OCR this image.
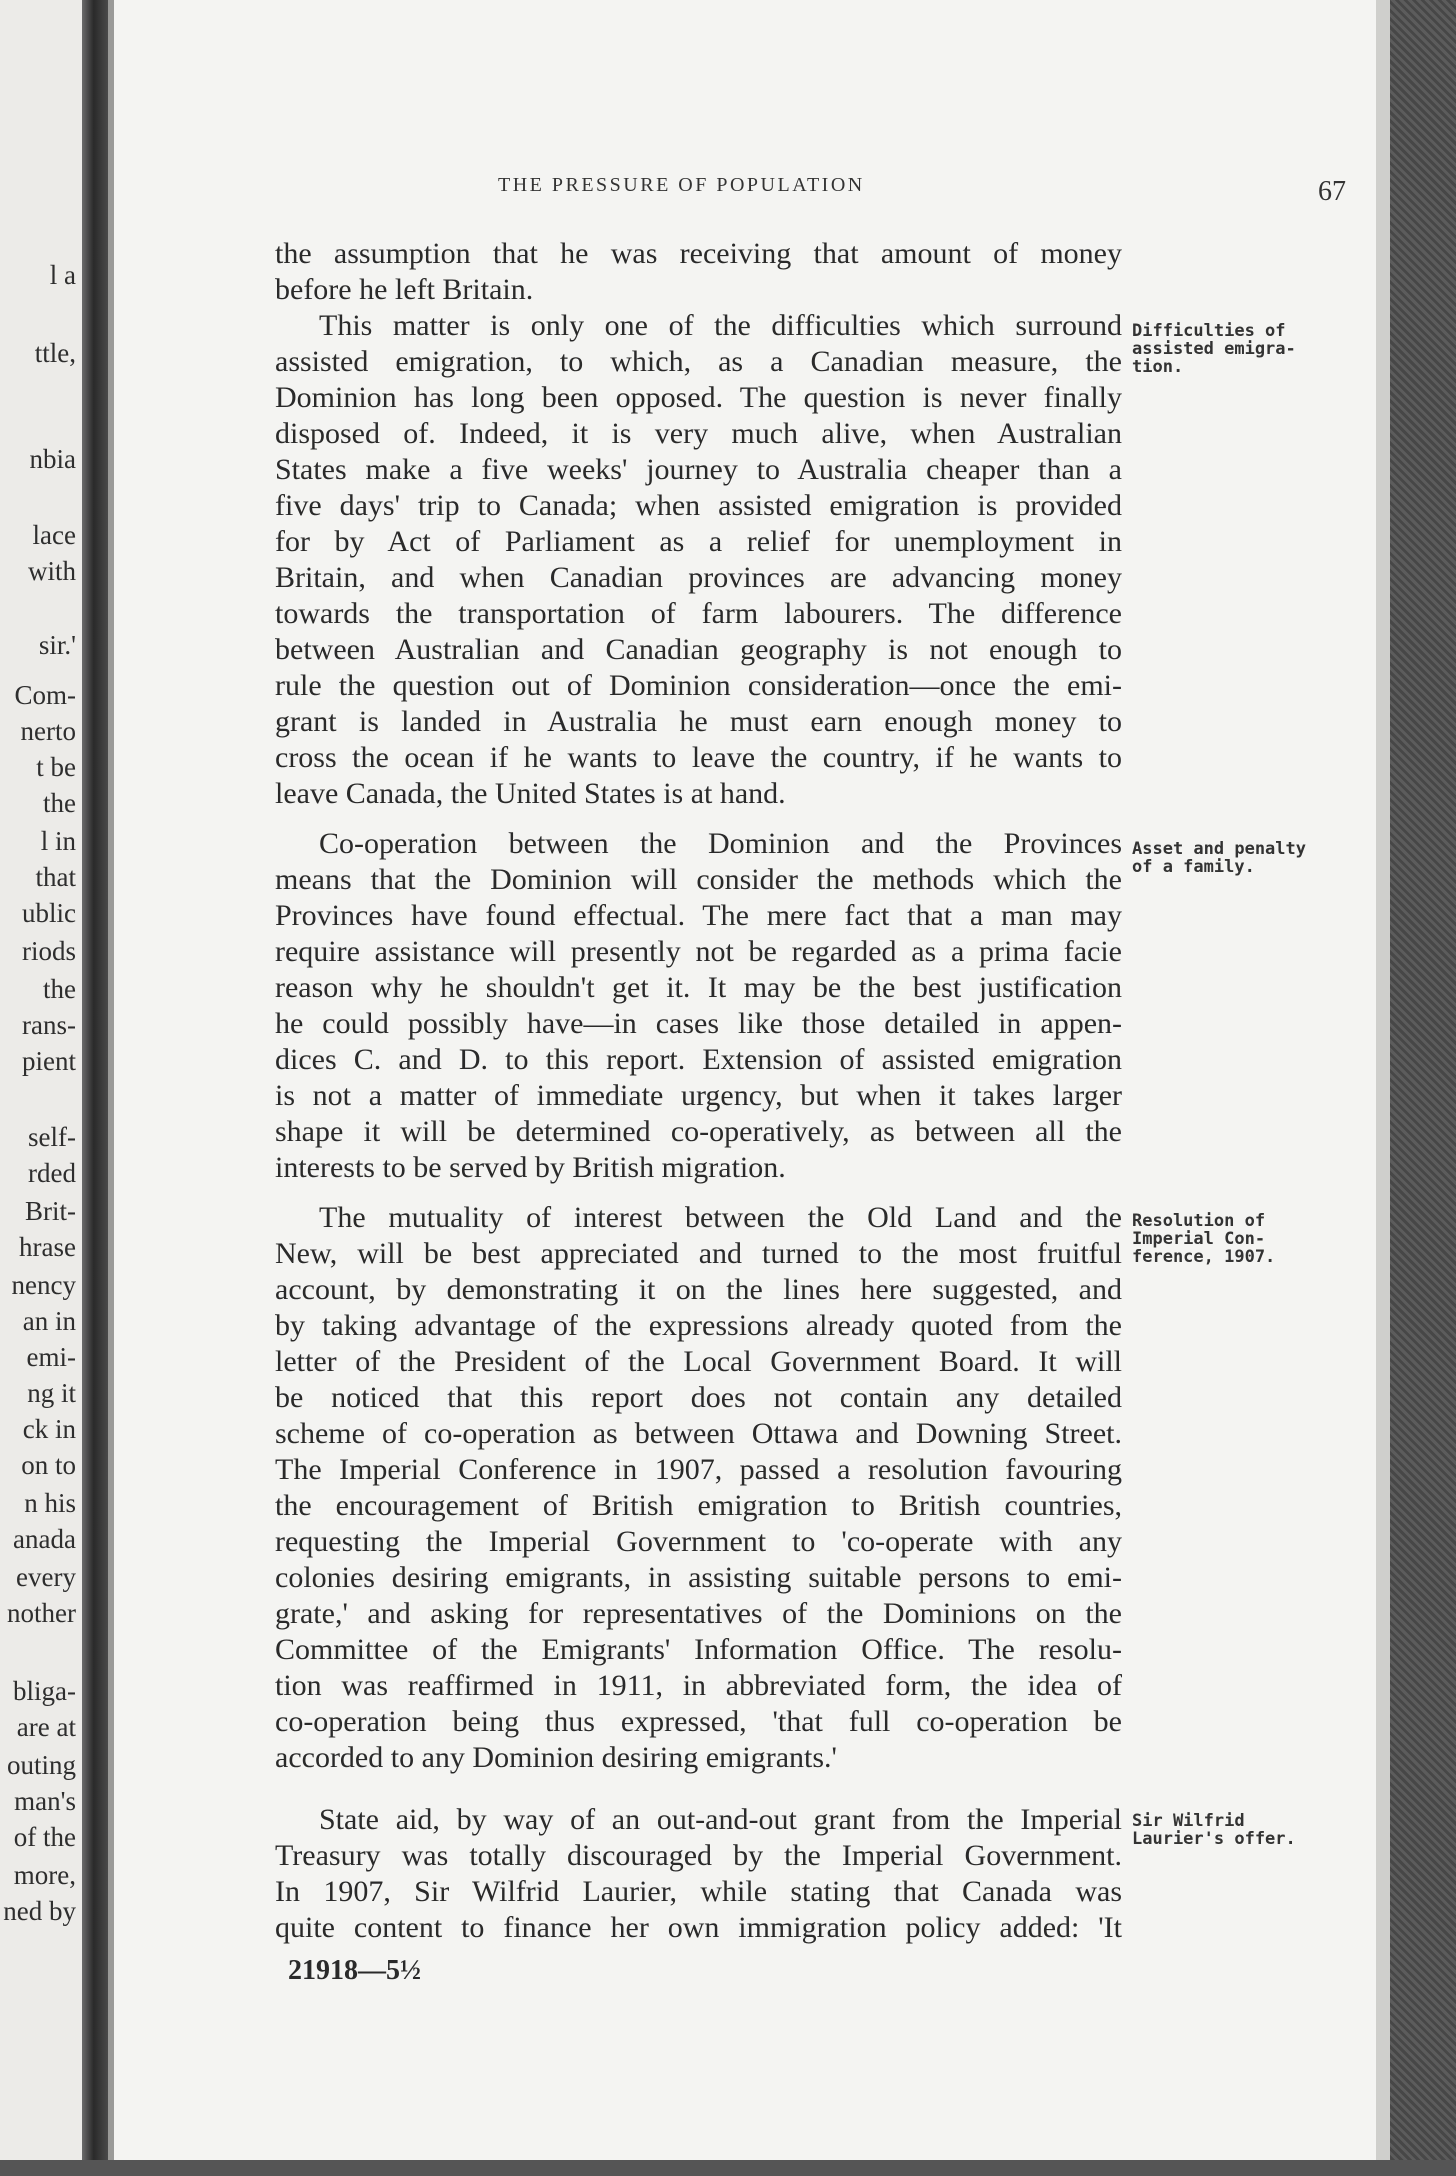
l a
ttle,
nbia
lace
with
sir.'
Com-
nerto
t be
the
l in
that
ublic
riods
the
rans-
pient
self-
rded
Brit-
hrase
nency
an in
emi-
ng it
ck in
on to
n his
anada
every
nother
bliga-
are at
outing
man's
of the
more,
ned by
THE PRESSURE OF POPULATION	67
the assumption that he was receiving that amount of money
before he left Britain.
This matter is only one of the difficulties which surround
assisted emigration, to which, as a Canadian measure, the
Dominion has long been opposed. The question is never finally
disposed of. Indeed, it is very much alive, when Australian
States make a five weeks' journey to Australia cheaper than a
five days' trip to Canada; when assisted emigration is provided
for by Act of Parliament as a relief for unemployment in
Britain, and when Canadian provinces are advancing money
towards the transportation of farm labourers. The difference
between Australian and Canadian geography is not enough to
rule the question out of Dominion consideration—once the emi-
grant is landed in Australia he must earn enough money to
cross the ocean if he wants to leave the country, if he wants to
leave Canada, the United States is at hand.
Co-operation between the Dominion and the Provinces
means that the Dominion will consider the methods which the
Provinces have found effectual. The mere fact that a man may
require assistance will presently not be regarded as a prima facie
reason why he shouldn't get it. It may be the best justification
he could possibly have—in cases like those detailed in appen-
dices C. and D. to this report. Extension of assisted emigration
is not a matter of immediate urgency, but when it takes larger
shape it will be determined co-operatively, as between all the
interests to be served by British migration.
The mutuality of interest between the Old Land and the
New, will be best appreciated and turned to the most fruitful
account, by demonstrating it on the lines here suggested, and
by taking advantage of the expressions already quoted from the
letter of the President of the Local Government Board. It will
be noticed that this report does not contain any detailed
scheme of co-operation as between Ottawa and Downing Street.
The Imperial Conference in 1907, passed a resolution favouring
the encouragement of British emigration to British countries,
requesting the Imperial Government to 'co-operate with any
colonies desiring emigrants, in assisting suitable persons to emi-
grate,' and asking for representatives of the Dominions on the
Committee of the Emigrants' Information Office. The resolu-
tion was reaffirmed in 1911, in abbreviated form, the idea of
co-operation being thus expressed, 'that full co-operation be
accorded to any Dominion desiring emigrants.'
State aid, by way of an out-and-out grant from the Imperial
Treasury was totally discouraged by the Imperial Government.
In 1907, Sir Wilfrid Laurier, while stating that Canada was
quite content to finance her own immigration policy added: 'It
Difficulties of assisted emigra- tion.
Asset and penalty of a family.
Resolution of Imperial Con- ference, 1907.
Sir Wilfrid Laurier's offer.
21918—5½
